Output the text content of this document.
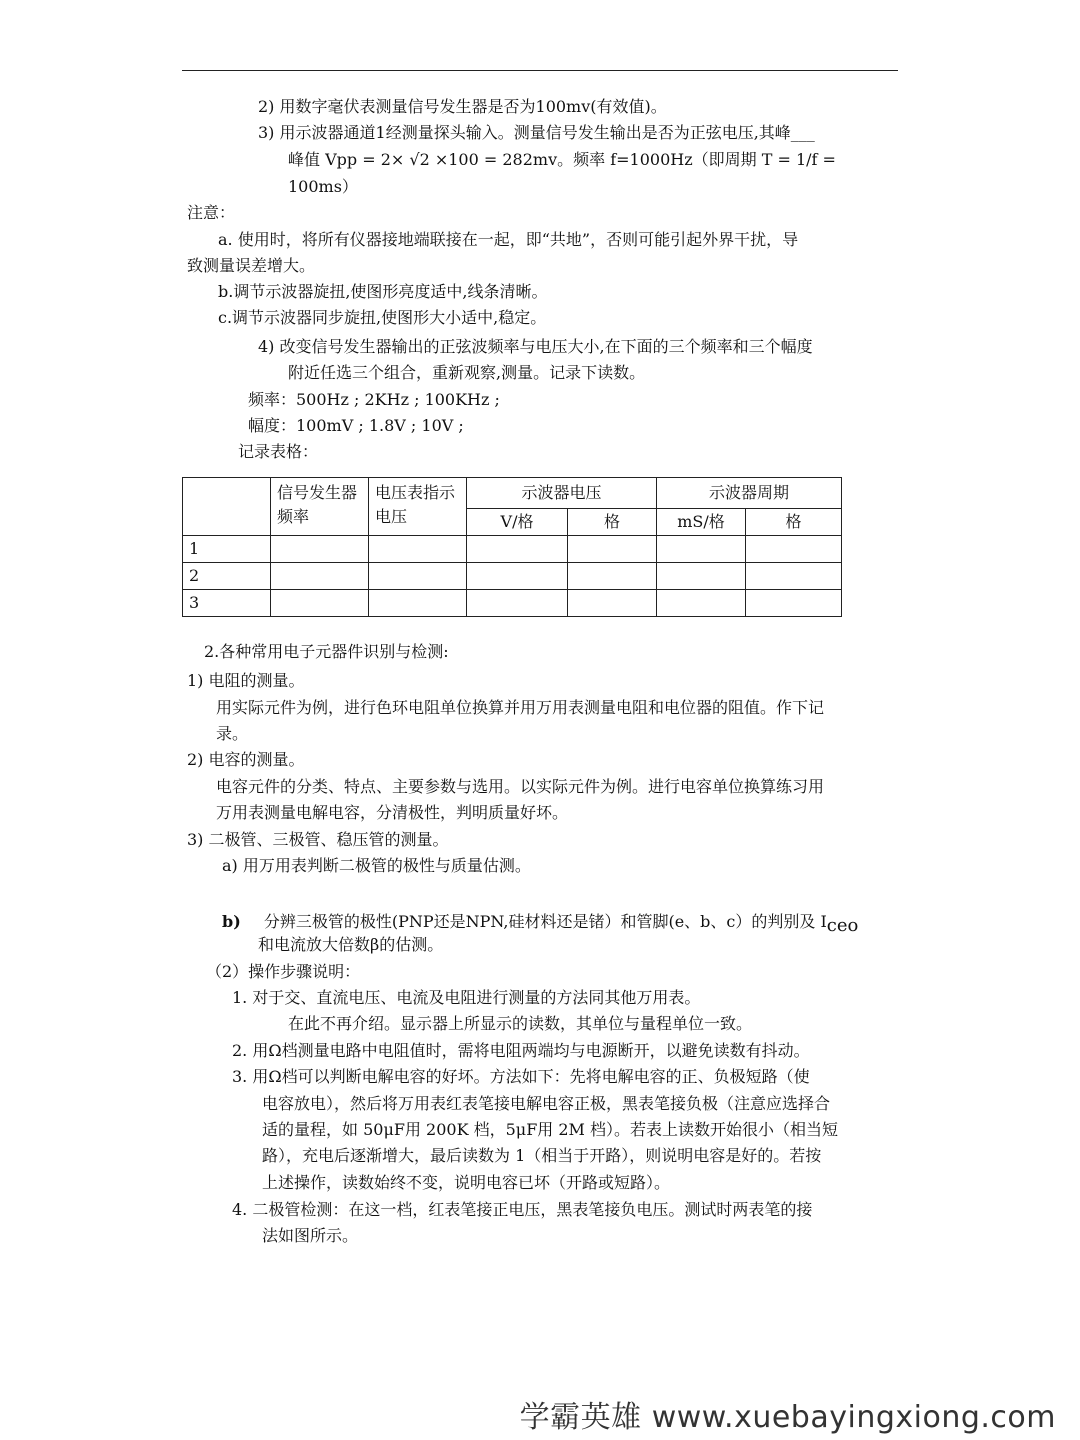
2) 用数字毫伏表测量信号发生器是否为100mv(有效值)。
3) 用示波器通道1经测量探头输入。测量信号发生输出是否为正弦电压,其峰___
峰值 Vpp = 2× √2 ×100 = 282mv。频率 f=1000Hz（即周期 T = 1/f =
100ms）
注意：
a. 使用时，将所有仪器接地端联接在一起，即“共地”，否则可能引起外界干扰，导
致测量误差增大。
b.调节示波器旋扭,使图形亮度适中,线条清晰。
c.调节示波器同步旋扭,使图形大小适中,稳定。
4) 改变信号发生器输出的正弦波频率与电压大小,在下面的三个频率和三个幅度
附近任选三个组合，重新观察,测量。记录下读数。
频率：500Hz ; 2KHz ; 100KHz ;
幅度：100mV ; 1.8V ; 10V ;
记录表格：
2.各种常用电子元器件识别与检测:
1) 电阻的测量。
用实际元件为例，进行色环电阻单位换算并用万用表测量电阻和电位器的阻值。作下记
录。
2) 电容的测量。
电容元件的分类、特点、主要参数与选用。以实际元件为例。进行电容单位换算练习用
万用表测量电解电容，分清极性，判明质量好坏。
3) 二极管、三极管、稳压管的测量。
a) 用万用表判断二极管的极性与质量估测。
和电流放大倍数β的估测。
（2）操作步骤说明：
1. 对于交、直流电压、电流及电阻进行测量的方法同其他万用表。
在此不再介绍。显示器上所显示的读数，其单位与量程单位一致。
2. 用Ω档测量电路中电阻值时，需将电阻两端均与电源断开，以避免读数有抖动。
3. 用Ω档可以判断电解电容的好坏。方法如下：先将电解电容的正、负极短路（使
电容放电），然后将万用表红表笔接电解电容正极，黑表笔接负极（注意应选择合
适的量程，如 50μF用 200K 档，5μF用 2M 档）。若表上读数开始很小（相当短
路），充电后逐渐增大，最后读数为 1（相当于开路），则说明电容是好的。若按
上述操作，读数始终不变，说明电容已坏（开路或短路）。
4. 二极管检测：在这一档，红表笔接正电压，黑表笔接负电压。测试时两表笔的接
法如图所示。
b) 分辨三极管的极性(PNP还是NPN,硅材料还是锗）和管脚(e、b、c）的判别及 Iceo
	信号发生器频率	电压表指示电压	示波器电压		示波器周期	
			V/格	格	mS/格	格
1						
2						
3						
学霸英雄 www.xuebayingxiong.com
